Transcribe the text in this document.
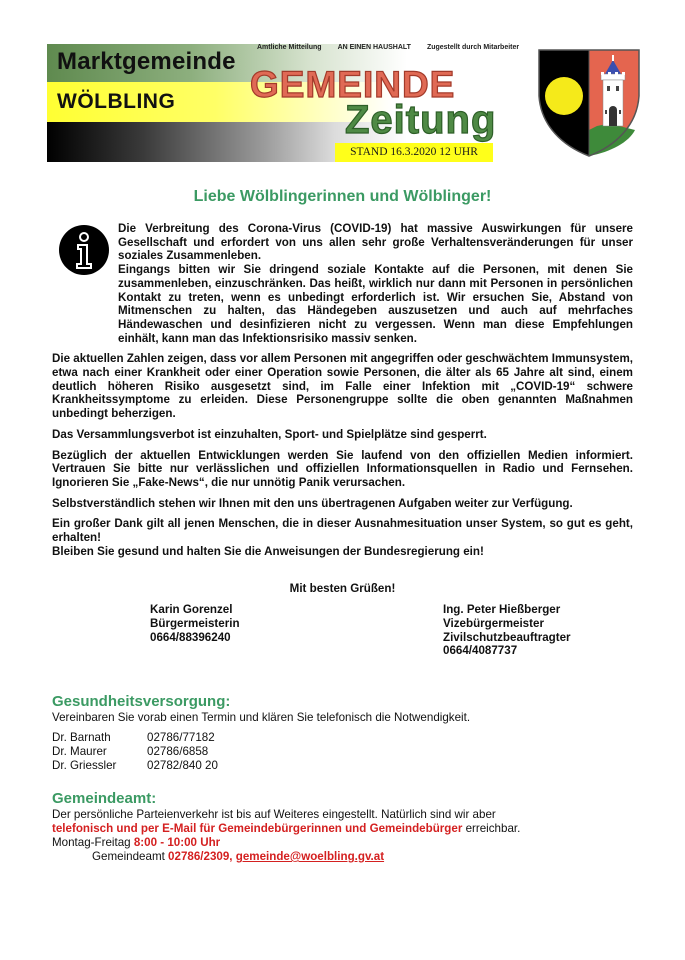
Marktgemeinde
WÖLBLING
Amtliche Mitteilung AN EINEN HAUSHALT Zugestellt durch Mitarbeiter
GEMEINDE
Zeitung
STAND 16.3.2020 12 UHR
Liebe Wölblingerinnen und Wölblinger!

Die Verbreitung des Corona-Virus (COVID-19) hat massive Auswirkungen für unsere Gesellschaft und erfordert von uns allen sehr große Verhaltensveränderungen für unser soziales Zusammenleben.

Eingangs bitten wir Sie dringend soziale Kontakte auf die Personen, mit denen Sie zusammenleben, einzuschränken. Das heißt, wirklich nur dann mit Personen in persönlichen Kontakt zu treten, wenn es unbedingt erforderlich ist. Wir ersuchen Sie, Abstand von Mitmenschen zu halten, das Händegeben auszusetzen und auch auf mehrfaches Händewaschen und desinfizieren nicht zu vergessen. Wenn man diese Empfehlungen einhält, kann man das Infektionsrisiko massiv senken.

Die aktuellen Zahlen zeigen, dass vor allem Personen mit angegriffen oder geschwächtem Immunsystem, etwa nach einer Krankheit oder einer Operation sowie Personen, die älter als 65 Jahre alt sind, einem deutlich höheren Risiko ausgesetzt sind, im Falle einer Infektion mit „COVID-19“ schwere Krankheitssymptome zu erleiden. Diese Personengruppe sollte die oben genannten Maßnahmen unbedingt beherzigen.

Das Versammlungsverbot ist einzuhalten, Sport- und Spielplätze sind gesperrt.

Bezüglich der aktuellen Entwicklungen werden Sie laufend von den offiziellen Medien informiert. Vertrauen Sie bitte nur verlässlichen und offiziellen Informationsquellen in Radio und Fernsehen. Ignorieren Sie „Fake-News“, die nur unnötig Panik verursachen.

Selbstverständlich stehen wir Ihnen mit den uns übertragenen Aufgaben weiter zur Verfügung.

Ein großer Dank gilt all jenen Menschen, die in dieser Ausnahmesituation unser System, so gut es geht, erhalten!

Bleiben Sie gesund und halten Sie die Anweisungen der Bundesregierung ein!

Mit besten Grüßen!
Karin Gorenzel
Bürgermeisterin
0664/88396240
Ing. Peter Hießberger
Vizebürgermeister
Zivilschutzbeauftragter
0664/4087737
Gesundheitsversorgung:
Vereinbaren Sie vorab einen Termin und klären Sie telefonisch die Notwendigkeit.
Dr. Barnath	02786/77182
Dr. Maurer	02786/6858
Dr. Griessler	02782/840 20
Gemeindeamt:
Der persönliche Parteienverkehr ist bis auf Weiteres eingestellt. Natürlich sind wir aber
telefonisch und per E-Mail für Gemeindebürgerinnen und Gemeindebürger erreichbar.
Montag-Freitag 8:00 - 10:00 Uhr
Gemeindeamt 02786/2309, gemeinde@woelbling.gv.at
